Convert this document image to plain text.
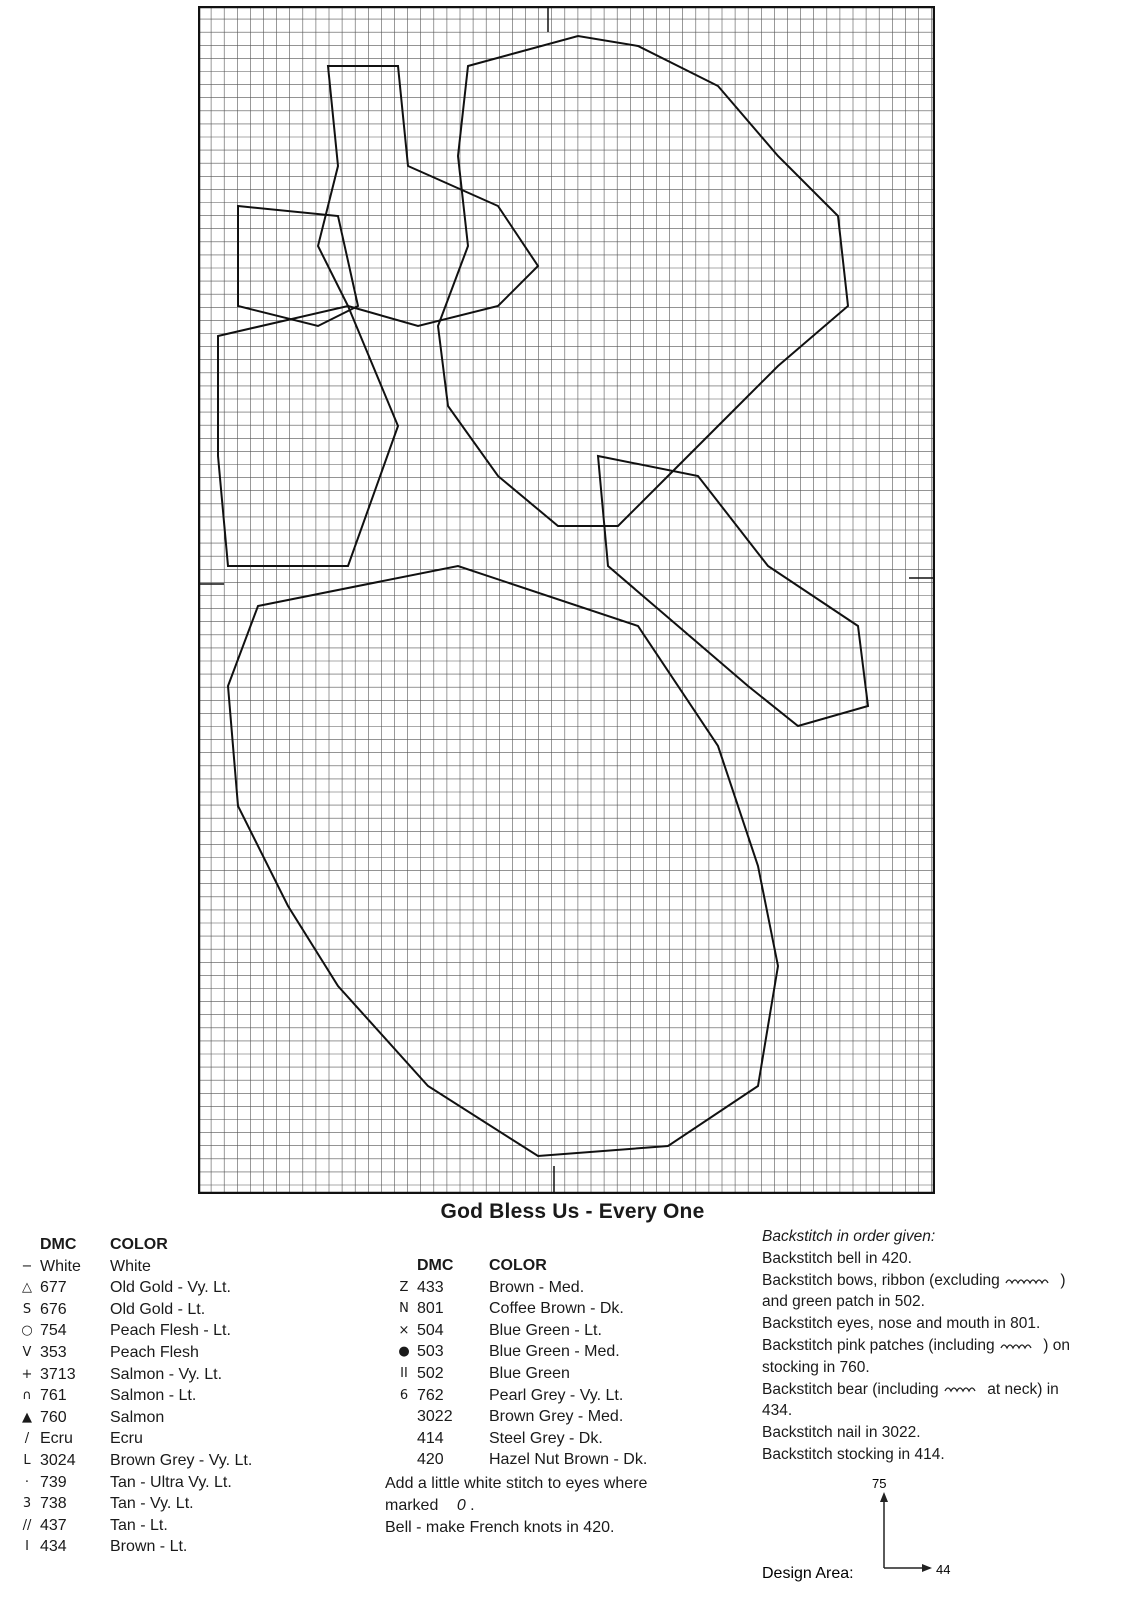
God Bless Us - Every One
DMC	COLOR
− White	White
△ 677	Old Gold - Vy. Lt.
S 676	Old Gold - Lt.
○ 754	Peach Flesh - Lt.
V 353	Peach Flesh
+ 3713	Salmon - Vy. Lt.
∩ 761	Salmon - Lt.
▲ 760	Salmon
/ Ecru	Ecru
L 3024	Brown Grey - Vy. Lt.
· 739	Tan - Ultra Vy. Lt.
3 738	Tan - Vy. Lt.
// 437	Tan - Lt.
I 434	Brown - Lt.
DMC	COLOR
Z 433	Brown - Med.
N 801	Coffee Brown - Dk.
× 504	Blue Green - Lt.
● 503	Blue Green - Med.
II 502	Blue Green
6 762	Pearl Grey - Vy. Lt.
3022	Brown Grey - Med.
414	Steel Grey - Dk.
420	Hazel Nut Brown - Dk.
Add a little white stitch to eyes where
marked 0 .
Bell - make French knots in 420.
Backstitch in order given:
Backstitch bell in 420.
Backstitch bows, ribbon (excluding	)
and green patch in 502.
Backstitch eyes, nose and mouth in 801.
Backstitch pink patches (including	) on
stocking in 760.
Backstitch bear (including	at neck) in
434.
Backstitch nail in 3022.
Backstitch stocking in 414.
75
Design Area:	44
